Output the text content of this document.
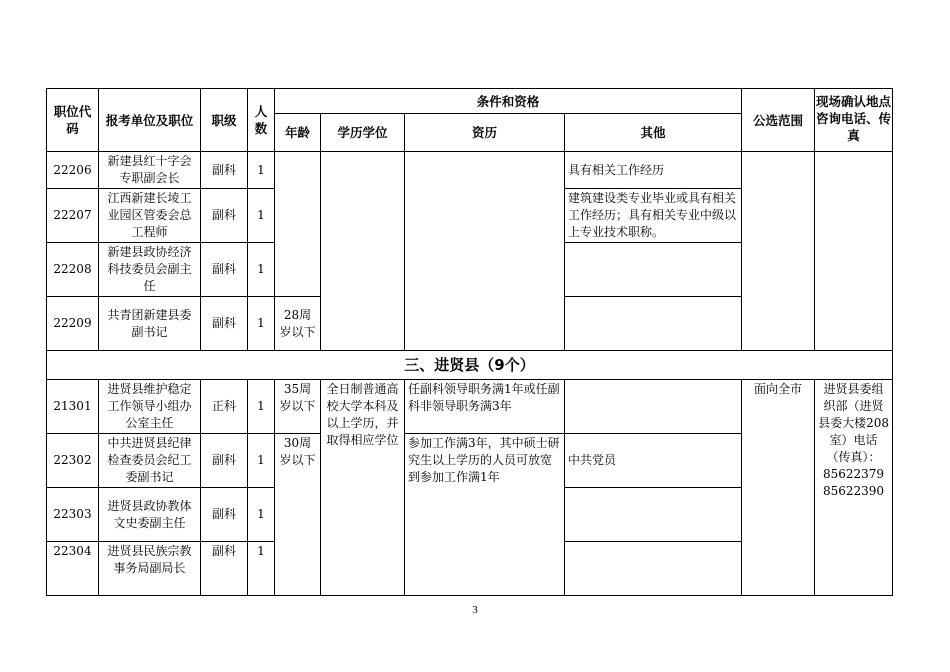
职位代码	报考单位及职位	职级	人数	条件和资格				公选范围	现场确认地点咨询电话、传真

				年龄	学历学位	资历	其他		
22206	新建县红十字会专职副会长	副科	1				具有相关工作经历		
22207	江西新建长堎工业园区管委会总工程师	副科	1				建筑建设类专业毕业或具有相关工作经历；具有相关专业中级以上专业技术职称。		
22208	新建县政协经济科技委员会副主任	副科	1						
22209	共青团新建县委副书记	副科	1	28周岁以下					
三、进贤县（9个）									
21301	进贤县维护稳定工作领导小组办公室主任	正科	1	35周岁以下	全日制普通高校大学本科及以上学历，并取得相应学位	任副科领导职务满1年或任副科非领导职务满3年		面向全市	进贤县委组织部（进贤县委大楼208室）电话（传真）：85622379 85622390
22302	中共进贤县纪律检查委员会纪工委副书记	副科	1	30周岁以下		参加工作满3年，其中硕士研究生以上学历的人员可放宽到参加工作满1年	中共党员		
22303	进贤县政协教体文史委副主任	副科	1						
22304	进贤县民族宗教事务局副局长	副科	1						
3
